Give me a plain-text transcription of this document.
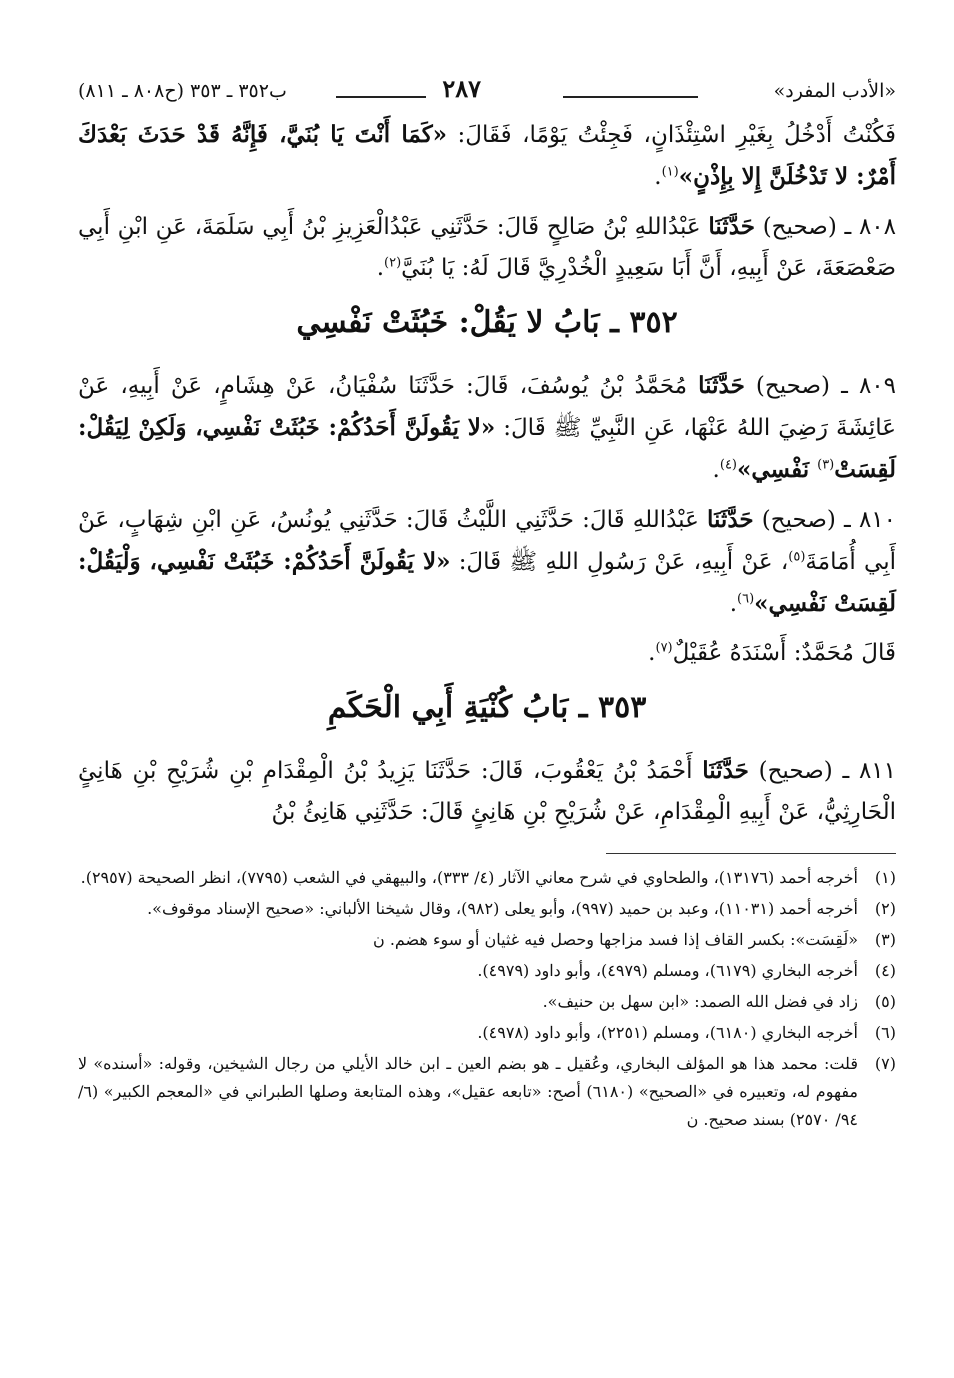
«الأدب المفرد»
٢٨٧
ب٣٥٢ ـ ٣٥٣ (ح٨٠٨ ـ ٨١١)

فَكُنْتُ أَدْخُلُ بِغَيْرِ اسْتِئْذَانٍ، فَجِئْتُ يَوْمًا، فَقَالَ: «كَمَا أَنْتَ يَا بُنَيَّ، فَإِنَّهُ قَدْ حَدَثَ بَعْدَكَ أَمْرٌ: لا تَدْخُلَنَّ إِلا بِإِذْنٍ»$^{(١)}$.

٨٠٨ ـ (صحيح) حَدَّثَنَا عَبْدُاللهِ بْنُ صَالِحٍ قَالَ: حَدَّثَنِي عَبْدُالْعَزِيزِ بْنُ أَبِي سَلَمَةَ، عَنِ ابْنِ أَبِي صَعْصَعَةَ، عَنْ أَبِيهِ، أَنَّ أَبَا سَعِيدٍ الْخُدْرِيَّ قَالَ لَهُ: يَا بُنَيَّ$^{(٢)}$.

٣٥٢ ـ بَابُ لا يَقُلْ: خَبُثَتْ نَفْسِي

٨٠٩ ـ (صحيح) حَدَّثَنَا مُحَمَّدُ بْنُ يُوسُفَ، قَالَ: حَدَّثَنَا سُفْيَانُ، عَنْ هِشَامٍ، عَنْ أَبِيهِ، عَنْ عَائِشَةَ رَضِيَ اللهُ عَنْهَا، عَنِ النَّبِيِّ ﷺ قَالَ: «لا يَقُولَنَّ أَحَدُكُمْ: خَبُثَتْ نَفْسِي، وَلَكِنْ لِيَقُلْ: لَقِسَتْ$^{(٣)}$ نَفْسِي»$^{(٤)}$.

٨١٠ ـ (صحيح) حَدَّثَنَا عَبْدُاللهِ قَالَ: حَدَّثَنِي اللَّيْثُ قَالَ: حَدَّثَنِي يُونُسُ، عَنِ ابْنِ شِهَابٍ، عَنْ أَبِي أُمَامَةَ$^{(٥)}$، عَنْ أَبِيهِ، عَنْ رَسُولِ اللهِ ﷺ قَالَ: «لا يَقُولَنَّ أَحَدُكُمْ: خَبُثَتْ نَفْسِي، وَلْيَقُلْ: لَقِسَتْ نَفْسِي»$^{(٦)}$.

قَالَ مُحَمَّدٌ: أَسْنَدَهُ عُقَيْلٌ$^{(٧)}$.

٣٥٣ ـ بَابُ كُنْيَةِ أَبِي الْحَكَمِ

٨١١ ـ (صحيح) حَدَّثَنَا أَحْمَدُ بْنُ يَعْقُوبَ، قَالَ: حَدَّثَنَا يَزِيدُ بْنُ الْمِقْدَامِ بْنِ شُرَيْحِ بْنِ هَانِئٍ الْحَارِثِيُّ، عَنْ أَبِيهِ الْمِقْدَامِ، عَنْ شُرَيْحِ بْنِ هَانِئٍ قَالَ: حَدَّثَنِي هَانِئُ بْنُ

(١)
أخرجه أحمد (١٣١٧٦)، والطحاوي في شرح معاني الآثار (٤/ ٣٣٣)، والبيهقي في الشعب (٧٧٩٥)، انظر الصحيحة (٢٩٥٧).
(٢)
أخرجه أحمد (١١٠٣١)، وعبد بن حميد (٩٩٧)، وأبو يعلى (٩٨٢)، وقال شيخنا الألباني: «صحيح الإسناد موقوف».
(٣)
«لَقِسَت»: بكسر القاف إذا فسد مزاجها وحصل فيه غثيان أو سوء هضم. ن
(٤)
أخرجه البخاري (٦١٧٩)، ومسلم (٤٩٧٩)، وأبو داود (٤٩٧٩).
(٥)
زاد في فضل الله الصمد: «ابن سهل بن حنيف».
(٦)
أخرجه البخاري (٦١٨٠)، ومسلم (٢٢٥١)، وأبو داود (٤٩٧٨).
(٧)
قلت: محمد هذا هو المؤلف البخاري، وعُقيل ـ هو بضم العين ـ ابن خالد الأيلي من رجال الشيخين، وقوله: «أسنده» لا مفهوم له، وتعبيره في «الصحيح» (٦١٨٠) أصح: «تابعه عقيل»، وهذه المتابعة وصلها الطبراني في «المعجم الكبير» (٦/ ٩٤/ ٢٥٧٠) بسند صحيح. ن
